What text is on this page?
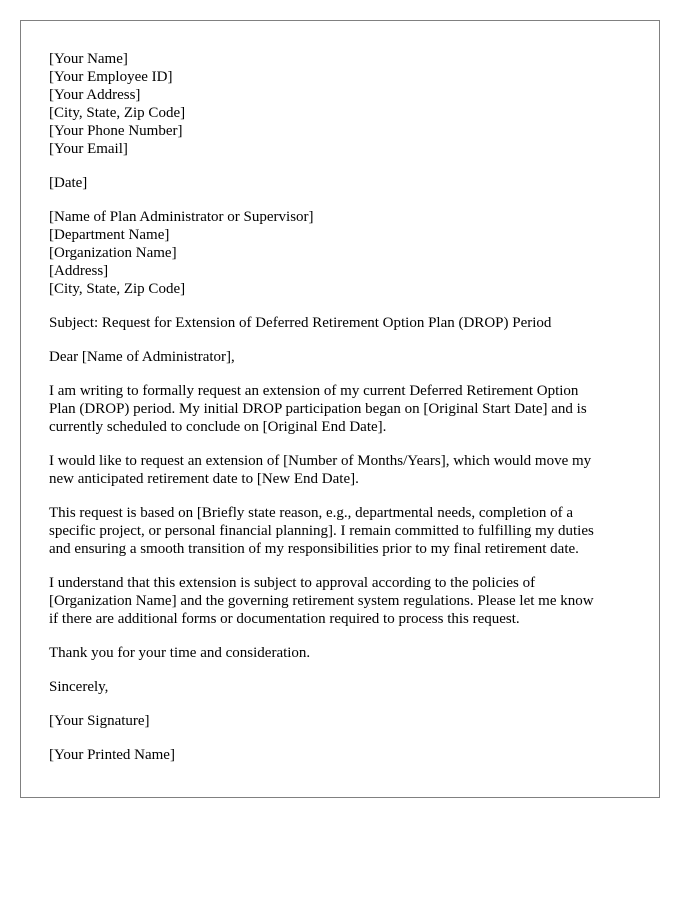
[Your Name]
[Your Employee ID]
[Your Address]
[City, State, Zip Code]
[Your Phone Number]
[Your Email]
[Date]
[Name of Plan Administrator or Supervisor]
[Department Name]
[Organization Name]
[Address]
[City, State, Zip Code]
Subject: Request for Extension of Deferred Retirement Option Plan (DROP) Period
Dear [Name of Administrator],
I am writing to formally request an extension of my current Deferred Retirement Option
Plan (DROP) period. My initial DROP participation began on [Original Start Date] and is
currently scheduled to conclude on [Original End Date].
I would like to request an extension of [Number of Months/Years], which would move my
new anticipated retirement date to [New End Date].
This request is based on [Briefly state reason, e.g., departmental needs, completion of a
specific project, or personal financial planning]. I remain committed to fulfilling my duties
and ensuring a smooth transition of my responsibilities prior to my final retirement date.
I understand that this extension is subject to approval according to the policies of
[Organization Name] and the governing retirement system regulations. Please let me know
if there are additional forms or documentation required to process this request.
Thank you for your time and consideration.
Sincerely,
[Your Signature]
[Your Printed Name]
